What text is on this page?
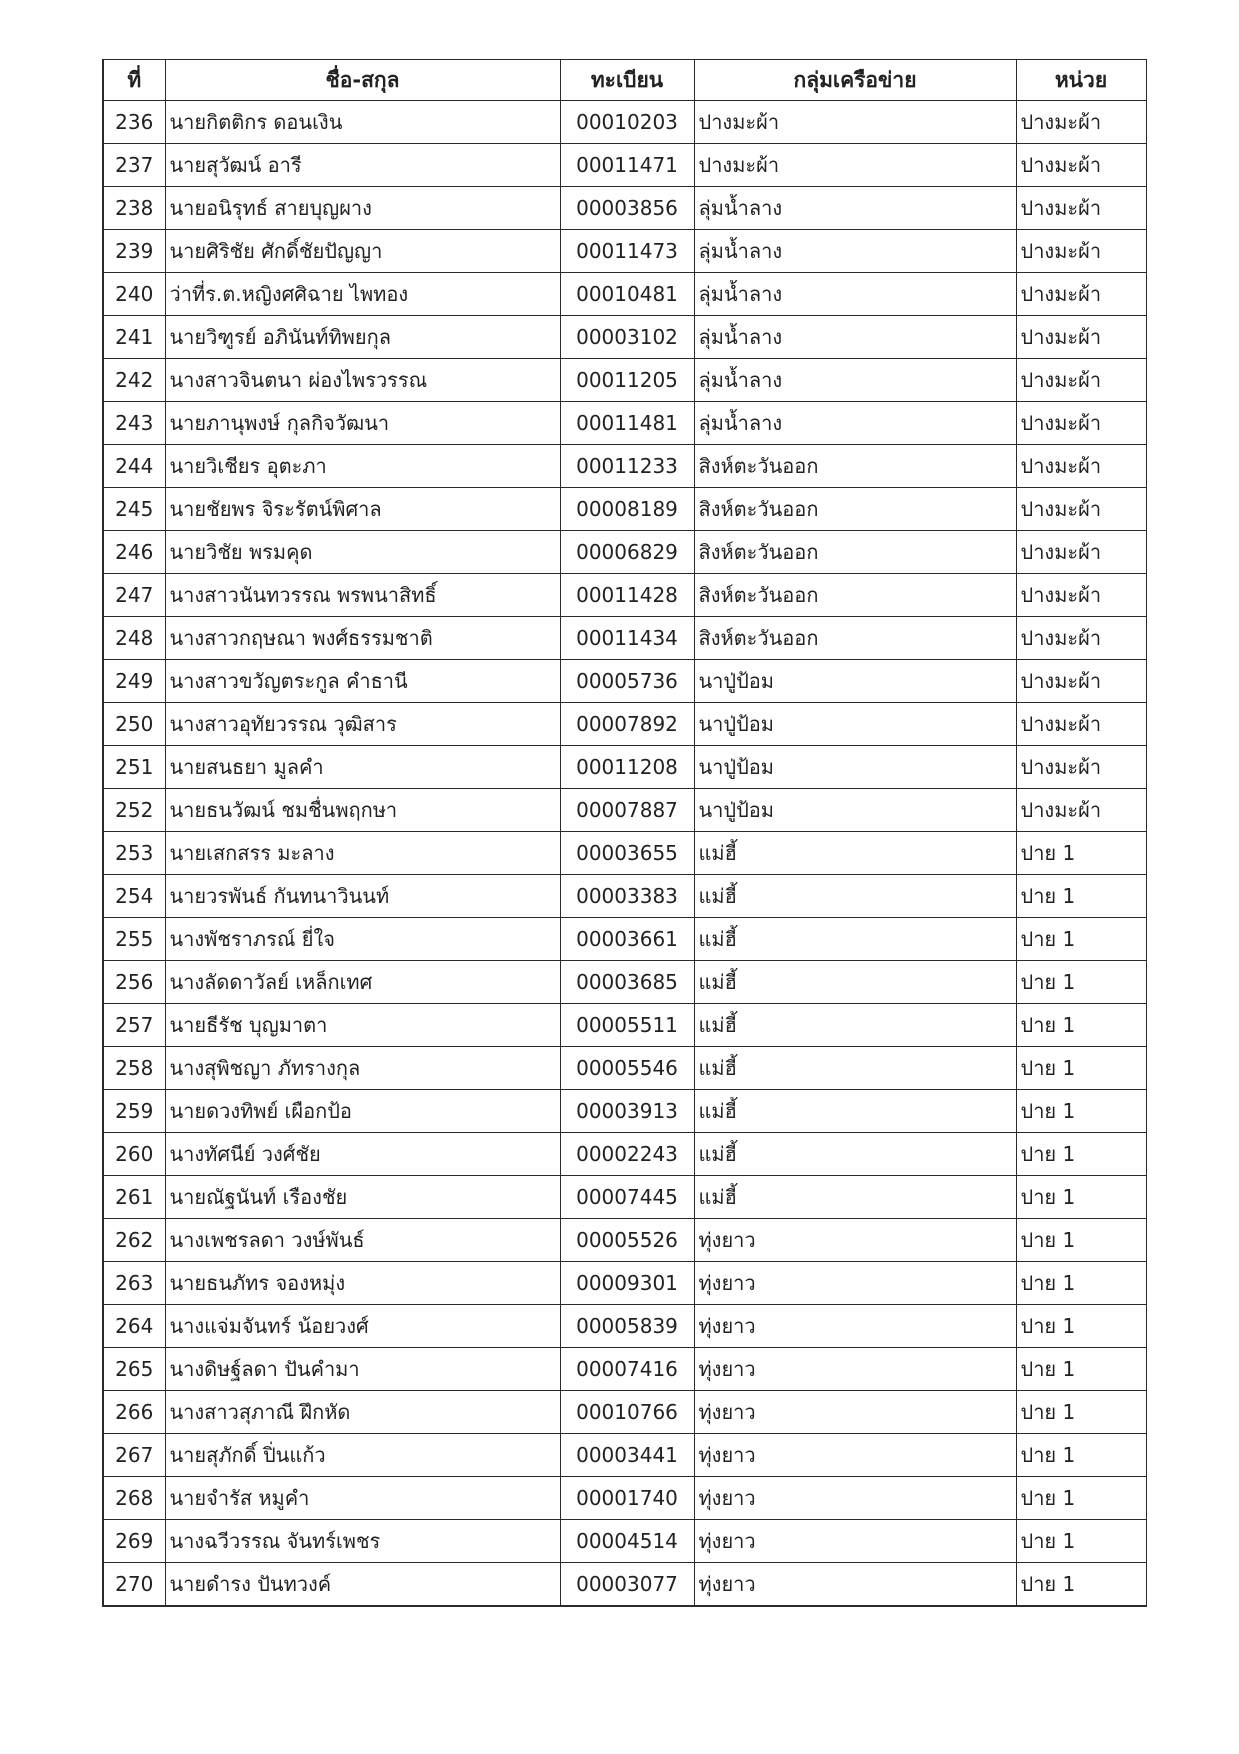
ที่	ชื่อ-สกุล	ทะเบียน	กลุ่มเครือข่าย	หน่วย
236	นายกิตติกร ดอนเงิน	00010203	ปางมะผ้า	ปางมะผ้า
237	นายสุวัฒน์ อารี	00011471	ปางมะผ้า	ปางมะผ้า
238	นายอนิรุทธ์ สายบุญผาง	00003856	ลุ่มน้ำลาง	ปางมะผ้า
239	นายศิริชัย ศักดิ์ชัยปัญญา	00011473	ลุ่มน้ำลาง	ปางมะผ้า
240	ว่าที่ร.ต.หญิงศศิฉาย ไพทอง	00010481	ลุ่มน้ำลาง	ปางมะผ้า
241	นายวิฑูรย์ อภินันท์ทิพยกุล	00003102	ลุ่มน้ำลาง	ปางมะผ้า
242	นางสาวจินตนา ผ่องไพรวรรณ	00011205	ลุ่มน้ำลาง	ปางมะผ้า
243	นายภานุพงษ์ กุลกิจวัฒนา	00011481	ลุ่มน้ำลาง	ปางมะผ้า
244	นายวิเชียร อุตะภา	00011233	สิงห์ตะวันออก	ปางมะผ้า
245	นายชัยพร จิระรัตน์พิศาล	00008189	สิงห์ตะวันออก	ปางมะผ้า
246	นายวิชัย พรมคุด	00006829	สิงห์ตะวันออก	ปางมะผ้า
247	นางสาวนันทวรรณ พรพนาสิทธิ์	00011428	สิงห์ตะวันออก	ปางมะผ้า
248	นางสาวกฤษณา พงศ์ธรรมชาติ	00011434	สิงห์ตะวันออก	ปางมะผ้า
249	นางสาวขวัญตระกูล คำธานี	00005736	นาปู่ป้อม	ปางมะผ้า
250	นางสาวอุทัยวรรณ วุฒิสาร	00007892	นาปู่ป้อม	ปางมะผ้า
251	นายสนธยา มูลคำ	00011208	นาปู่ป้อม	ปางมะผ้า
252	นายธนวัฒน์ ชมชื่นพฤกษา	00007887	นาปู่ป้อม	ปางมะผ้า
253	นายเสกสรร มะลาง	00003655	แม่ฮี้	ปาย 1
254	นายวรพันธ์ กันทนาวินนท์	00003383	แม่ฮี้	ปาย 1
255	นางพัชราภรณ์ ยี่ใจ	00003661	แม่ฮี้	ปาย 1
256	นางลัดดาวัลย์ เหล็กเทศ	00003685	แม่ฮี้	ปาย 1
257	นายธีรัช บุญมาตา	00005511	แม่ฮี้	ปาย 1
258	นางสุพิชญา ภัทรางกุล	00005546	แม่ฮี้	ปาย 1
259	นายดวงทิพย์ เผือกป้อ	00003913	แม่ฮี้	ปาย 1
260	นางทัศนีย์ วงศ์ชัย	00002243	แม่ฮี้	ปาย 1
261	นายณัฐนันท์ เรืองชัย	00007445	แม่ฮี้	ปาย 1
262	นางเพชรลดา วงษ์พันธ์	00005526	ทุ่งยาว	ปาย 1
263	นายธนภัทร จองหมุ่ง	00009301	ทุ่งยาว	ปาย 1
264	นางแจ่มจันทร์ น้อยวงศ์	00005839	ทุ่งยาว	ปาย 1
265	นางดิษฐ์ลดา ปันคำมา	00007416	ทุ่งยาว	ปาย 1
266	นางสาวสุภาณี ฝึกหัด	00010766	ทุ่งยาว	ปาย 1
267	นายสุภักดิ์ ปิ่นแก้ว	00003441	ทุ่งยาว	ปาย 1
268	นายจำรัส หมูคำ	00001740	ทุ่งยาว	ปาย 1
269	นางฉวีวรรณ จันทร์เพชร	00004514	ทุ่งยาว	ปาย 1
270	นายดำรง ปันทวงค์	00003077	ทุ่งยาว	ปาย 1
